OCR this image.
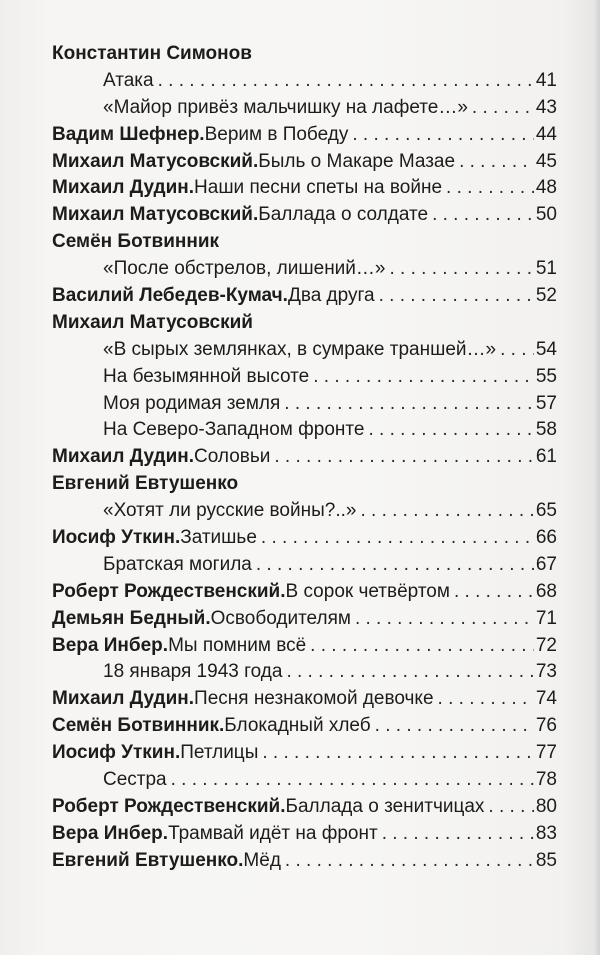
Константин Симонов
Атака . . .	41
«Майор привёз мальчишку на лафете…» . . .	43
Вадим Шефнер. Верим в Победу . . .	44
Михаил Матусовский. Быль о Макаре Мазае . . .	45
Михаил Дудин. Наши песни спеты на войне . . .	48
Михаил Матусовский. Баллада о солдате . . .	50
Семён Ботвинник
«После обстрелов, лишений…» . . .	51
Василий Лебедев-Кумач. Два друга . . .	52
Михаил Матусовский
«В сырых землянках, в сумраке траншей…» . . . 54
На безымянной высоте . . .	55
Моя родимая земля . . .	57
На Северо-Западном фронте . . .	58
Михаил Дудин. Соловьи . . .	61
Евгений Евтушенко
«Хотят ли русские войны?..» . . .	65
Иосиф Уткин. Затишье . . .	66
Братская могила . . .	67
Роберт Рождественский. В сорок четвёртом . . .	68
Демьян Бедный. Освободителям . . .	71
Вера Инбер. Мы помним всё . . .	72
18 января 1943 года . . .	73
Михаил Дудин. Песня незнакомой девочке . . .	74
Семён Ботвинник. Блокадный хлеб . . .	76
Иосиф Уткин. Петлицы . . .	77
Сестра . . .	78
Роберт Рождественский. Баллада о зенитчицах . . .	80
Вера Инбер. Трамвай идёт на фронт . . .	83
Евгений Евтушенко. Мёд . . .	85
